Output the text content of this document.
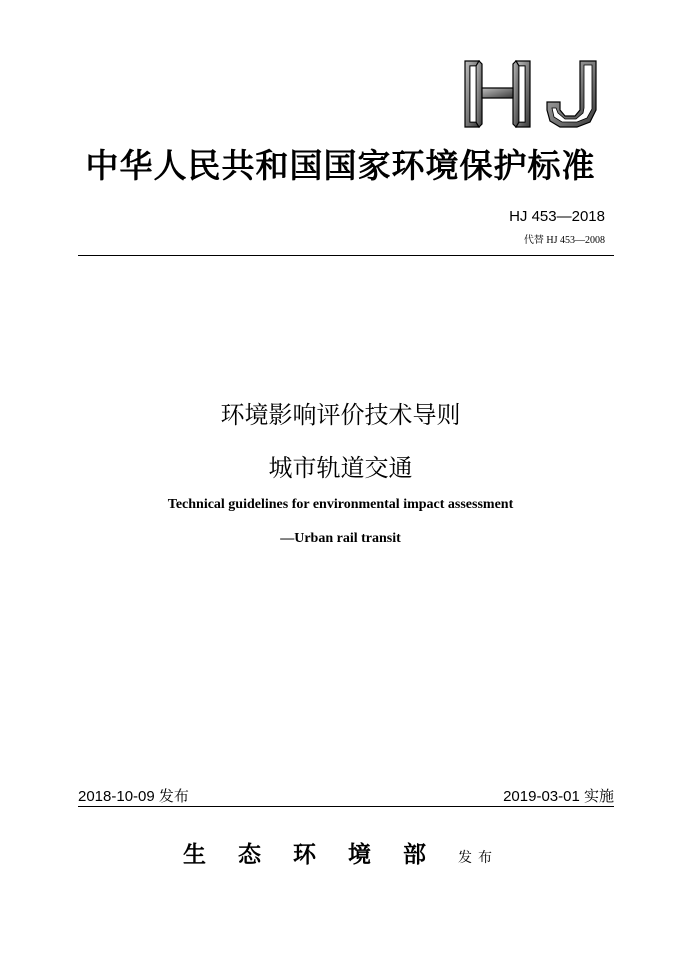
中华人民共和国国家环境保护标准
HJ 453—2018
代替 HJ 453—2008
环境影响评价技术导则
城市轨道交通
Technical guidelines for environmental impact assessment
—Urban rail transit
2018-10-09 发布	2019-03-01 实施
生态环境部发布
